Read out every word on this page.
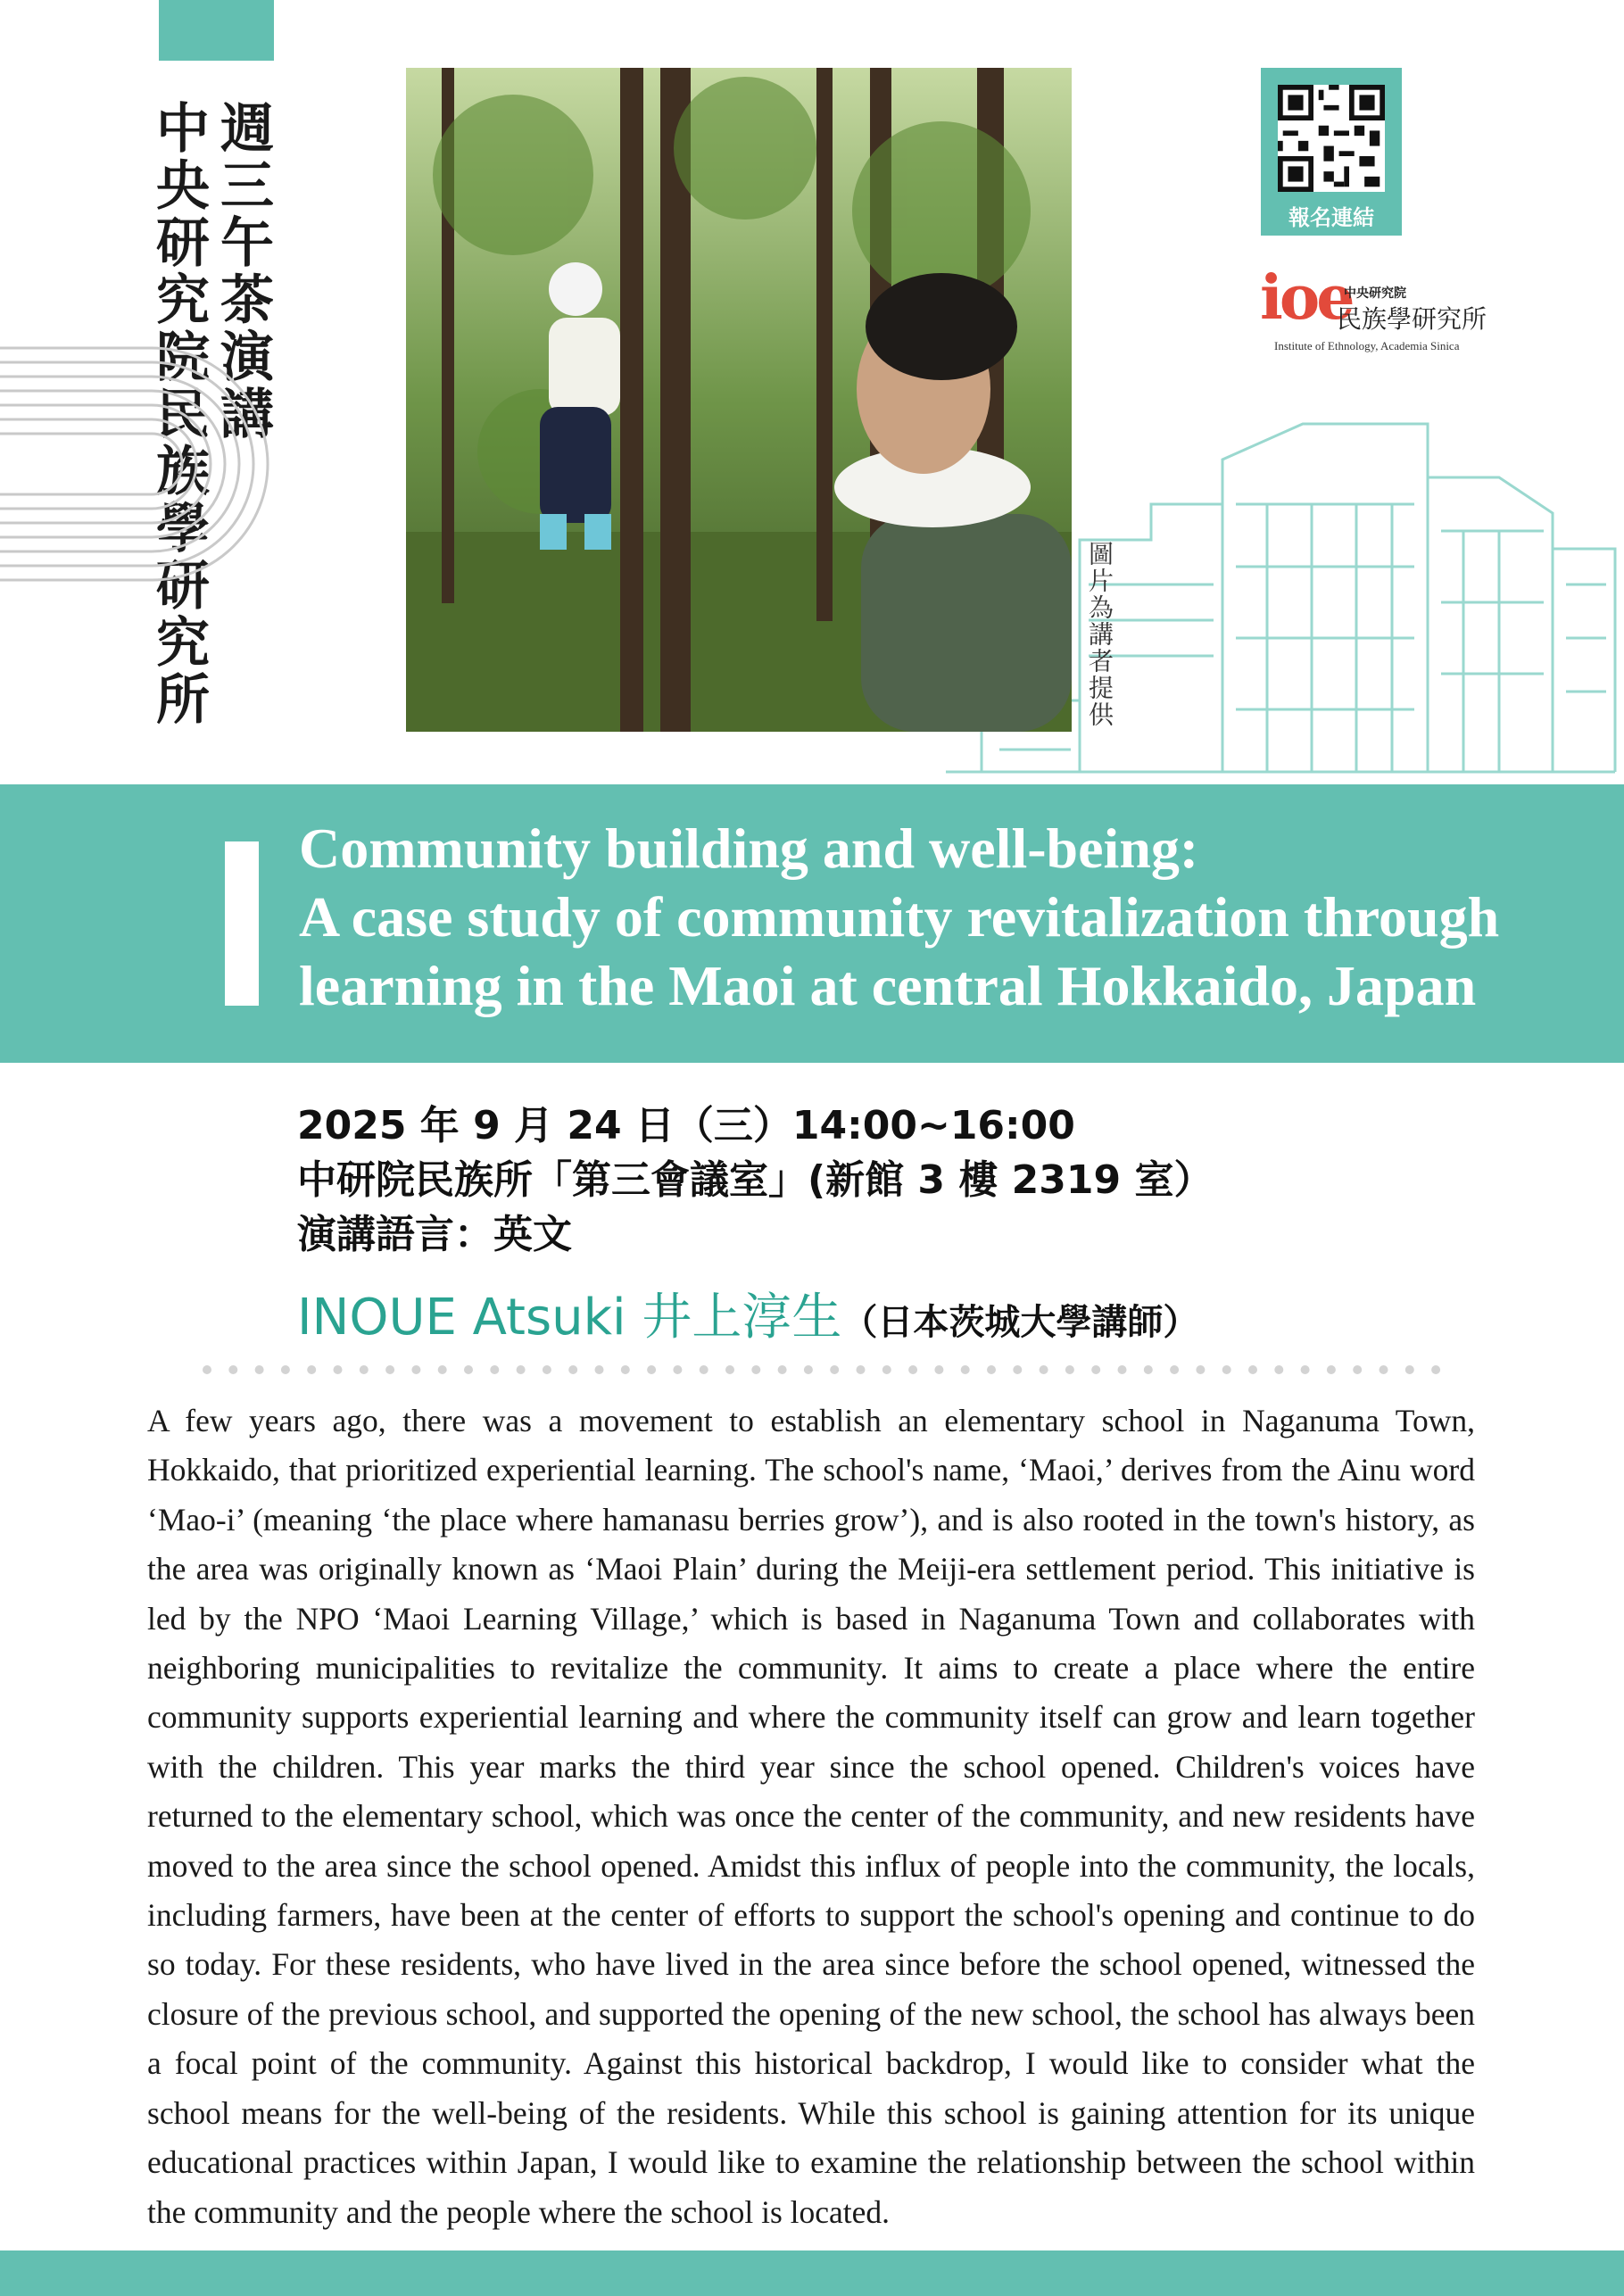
週三午茶演講
中央研究院民族學研究所	圖片為講者提供
報名連結
ioe
中央研究院
民族學研究所
Institute of Ethnology, Academia Sinica
Community building and well-being:
A case study of community revitalization through
learning in the Maoi at central Hokkaido, Japan
2025 年 9 月 24 日（三）14:00~16:00
中研院民族所「第三會議室」(新館 3 樓 2319 室）
演講語言：英文
INOUE Atsuki 井上淳生（日本茨城大學講師）
A few years ago, there was a movement to establish an elementary school in Naganuma Town, Hokkaido, that prioritized experiential learning. The school's name, ‘Maoi,’ derives from the Ainu word ‘Mao-i’ (meaning ‘the place where hamanasu berries grow’), and is also rooted in the town's history, as the area was originally known as ‘Maoi Plain’ during the Meiji-era settlement period. This initiative is led by the NPO ‘Maoi Learning Village,’ which is based in Naganuma Town and collaborates with neighboring municipalities to revitalize the community. It aims to create a place where the entire community supports experiential learning and where the community itself can grow and learn together with the children. This year marks the third year since the school opened. Children's voices have returned to the elementary school, which was once the center of the community, and new residents have moved to the area since the school opened. Amidst this influx of people into the community, the locals, including farmers, have been at the center of efforts to support the school's opening and continue to do so today. For these residents, who have lived in the area since before the school opened, witnessed the closure of the previous school, and supported the opening of the new school, the school has always been a focal point of the community. Against this historical backdrop, I would like to consider what the school means for the well-being of the residents. While this school is gaining attention for its unique educational practices within Japan, I would like to examine the relationship between the school within the community and the people where the school is located.
